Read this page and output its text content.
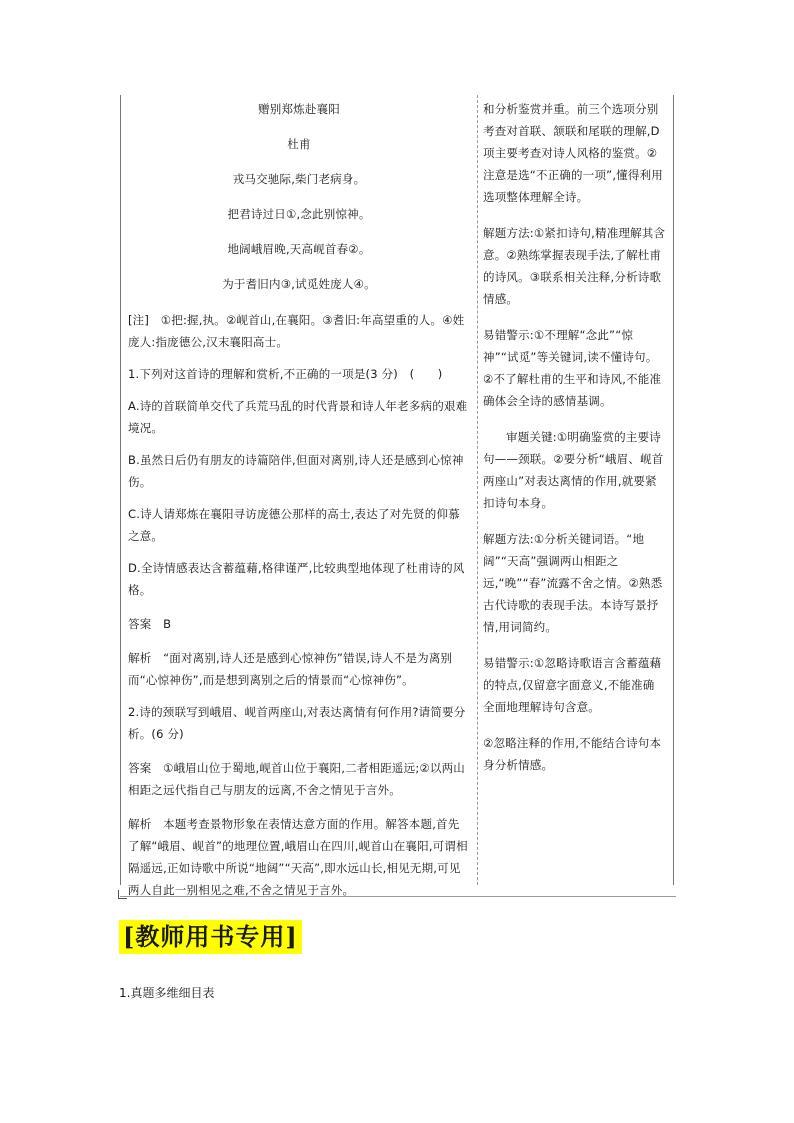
赠别郑炼赴襄阳

杜甫

戎马交驰际,柴门老病身。

把君诗过日①,念此别惊神。

地阔峨眉晚,天高岘首春②。

为于耆旧内③,试觅姓庞人④。

[注]　①把:握,执。②岘首山,在襄阳。③耆旧:年高望重的人。④姓庞人:指庞德公,汉末襄阳高士。

1.下列对这首诗的理解和赏析,不正确的一项是(3 分)　(　　)

A.诗的首联简单交代了兵荒马乱的时代背景和诗人年老多病的艰难境况。

B.虽然日后仍有朋友的诗篇陪伴,但面对离别,诗人还是感到心惊神伤。

C.诗人请郑炼在襄阳寻访庞德公那样的高士,表达了对先贤的仰慕之意。

D.全诗情感表达含蓄蕴藉,格律谨严,比较典型地体现了杜甫诗的风格。

答案　B

解析　“面对离别,诗人还是感到心惊神伤”错误,诗人不是为离别而“心惊神伤”,而是想到离别之后的情景而“心惊神伤”。

2.诗的颈联写到峨眉、岘首两座山,对表达离情有何作用?请简要分析。(6 分)

答案　①峨眉山位于蜀地,岘首山位于襄阳,二者相距遥远;②以两山相距之远代指自己与朋友的远离,不舍之情见于言外。

解析　本题考查景物形象在表情达意方面的作用。解答本题,首先了解“峨眉、岘首”的地理位置,峨眉山在四川,岘首山在襄阳,可谓相隔遥远,正如诗歌中所说“地阔”“天高”,即水远山长,相见无期,可见两人自此一别相见之难,不舍之情见于言外。

和分析鉴赏并重。前三个选项分别考查对首联、颔联和尾联的理解,D项主要考查对诗人风格的鉴赏。②注意是选“不正确的一项”,懂得利用选项整体理解全诗。

解题方法:①紧扣诗句,精准理解其含意。②熟练掌握表现手法,了解杜甫的诗风。③联系相关注释,分析诗歌情感。

易错警示:①不理解“念此”“惊神”“试觅”等关键词,读不懂诗句。②不了解杜甫的生平和诗风,不能准确体会全诗的感情基调。

审题关键:①明确鉴赏的主要诗句——颈联。②要分析“峨眉、岘首两座山”对表达离情的作用,就要紧扣诗句本身。

解题方法:①分析关键词语。“地阔”“天高”强调两山相距之远,“晚”“春”流露不舍之情。②熟悉古代诗歌的表现手法。本诗写景抒情,用词简约。

易错警示:①忽略诗歌语言含蓄蕴藉的特点,仅留意字面意义,不能准确全面地理解诗句含意。

②忽略注释的作用,不能结合诗句本身分析情感。

[教师用书专用]

1.真题多维细目表
